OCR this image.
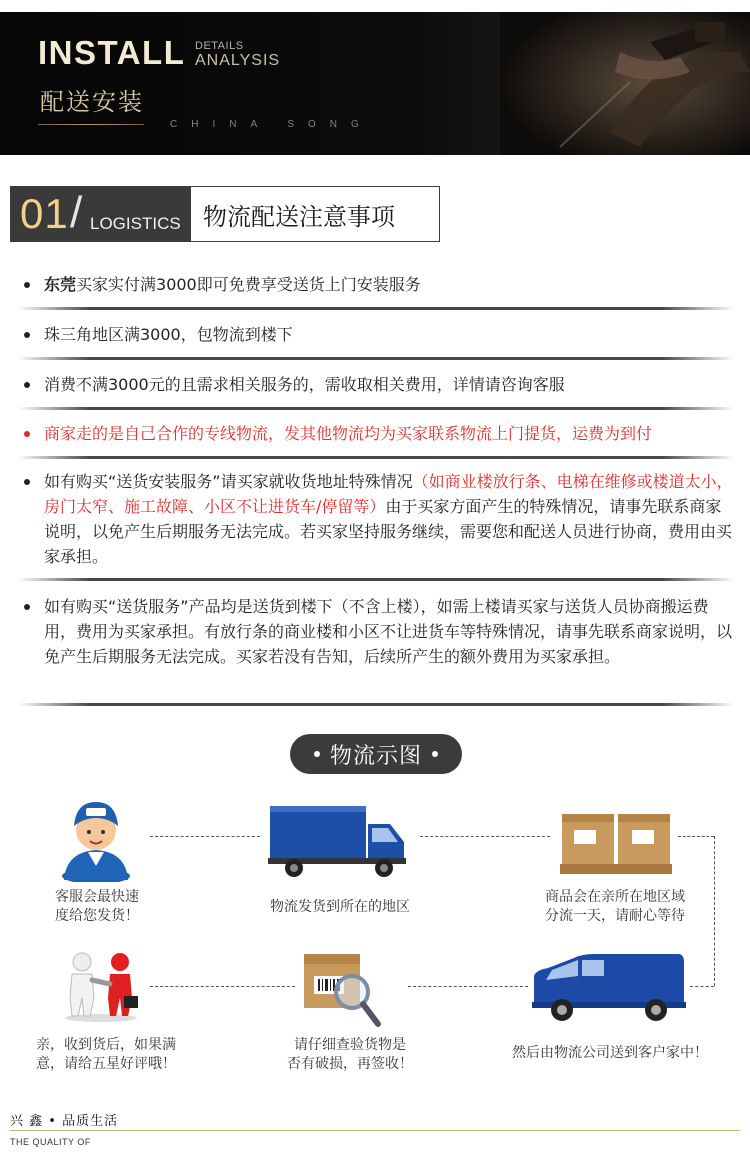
INSTALL DETAILS
ANALYSIS
配送安装
CHINA SONG
01 / LOGISTICS 物流配送注意事项
东莞买家实付满3000即可免费享受送货上门安装服务
珠三角地区满3000，包物流到楼下
消费不满3000元的且需求相关服务的，需收取相关费用，详情请咨询客服
商家走的是自己合作的专线物流，发其他物流均为买家联系物流上门提货，运费为到付
如有购买“送货安装服务”请买家就收货地址特殊情况（如商业楼放行条、电梯在维修或楼道太小，房门太窄、施工故障、小区不让进货车/停留等）由于买家方面产生的特殊情况，请事先联系商家说明，以免产生后期服务无法完成。若买家坚持服务继续，需要您和配送人员进行协商，费用由买家承担。
如有购买“送货服务”产品均是送货到楼下（不含上楼），如需上楼请买家与送货人员协商搬运费用，费用为买家承担。有放行条的商业楼和小区不让进货车等特殊情况，请事先联系商家说明，以免产生后期服务无法完成。买家若没有告知，后续所产生的额外费用为买家承担。
物流示图
客服会最快速
度给您发货！
物流发货到所在的地区
商品会在亲所在地区域
分流一天，请耐心等待
然后由物流公司送到客户家中！
请仔细查验货物是
否有破损，再签收！
亲，收到货后，如果满
意，请给五星好评哦！
兴 鑫 • 品质生活
THE QUALITY OF
